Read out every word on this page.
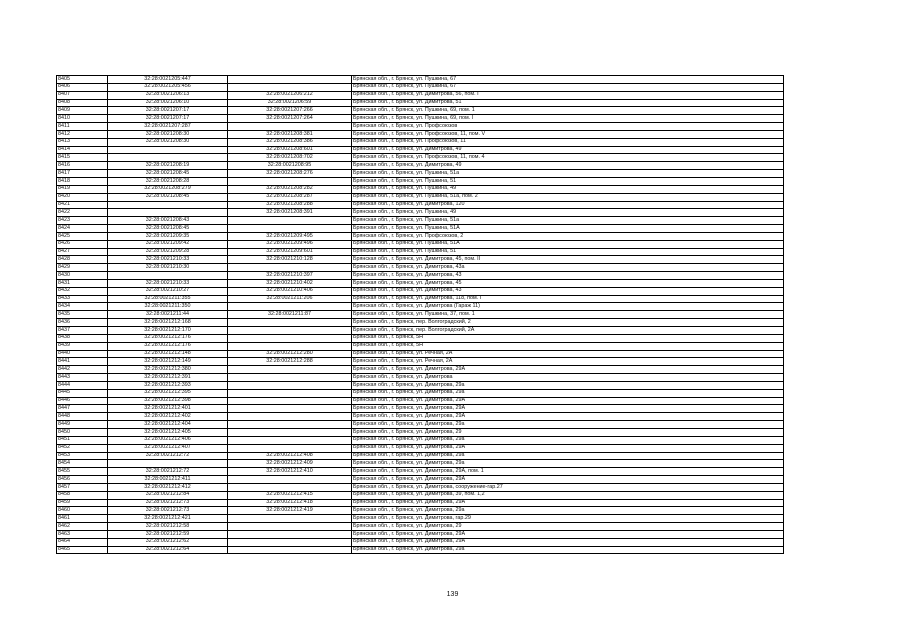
8405	32:28:0021205:447		Брянская обл., г. Брянск, ул. Пушкина, 67
8406	32:28:0021205:456		Брянская обл., г. Брянск, ул. Пушкина, 67
8407	32:28:0021206:13	32:28:0021206:212	Брянская обл., г. Брянск, ул. Димитрова, 56, пом. I
8408	32:28:0021206:10	32:28:0021206:59	Брянская обл., г. Брянск, ул. Димитрова, 51
8409	32:28:0021207:17	32:28:0021207:266	Брянская обл., г. Брянск, ул. Пушкина, 69, пом. 1
8410	32:28:0021207:17	32:28:0021207:264	Брянская обл., г. Брянск, ул. Пушкина, 69, пом. I
8411	32:28:0021207:287		Брянская обл., г. Брянск, ул. Профсоюзов
8412	32:28:0021208:30	32:28:0021208:381	Брянская обл., г. Брянск, ул. Профсоюзов, 11, пом. V
8413	32:28:0021208:30	32:28:0021208:386	Брянская обл., г. Брянск, ул. Профсоюзов, 11
8414		32:28:0021208:601	Брянская обл., г. Брянск, ул. Димитрова, 49
8415		32:28:0021208:702	Брянская обл., г. Брянск, ул. Профсоюзов, 11, пом. 4
8416	32:28:0021208:19	32:28:0021208:95	Брянская обл., г. Брянск, ул. Димитрова, 49
8417	32:28:0021208:45	32:28:0021208:276	Брянская обл., г. Брянск, ул. Пушкина, 51а
8418	32:28:0021208:28		Брянская обл., г. Брянск, ул. Пушкина, 51
8419	32:28:0021208:279	32:28:0021208:282	Брянская обл., г. Брянск, ул. Пушкина, 49
8420	32:28:0021208:45	32:28:0021208:287	Брянская обл., г. Брянск, ул. Пушкина, 51а, пом. 2
8421		32:28:0021208:288	Брянская обл., г. Брянск, ул. Димитрова, 120
8422		32:28:0021208:391	Брянская обл., г. Брянск, ул. Пушкина, 49
8423	32:28:0021208:43		Брянская обл., г. Брянск, ул. Пушкина, 51а
8424	32:28:0021208:45		Брянская обл., г. Брянск, ул. Пушкина, 51А
8425	32:28:0021209:35	32:28:0021209:495	Брянская обл., г. Брянск, ул. Профсоюзов, 2
8426	32:28:0021209:42	32:28:0021209:496	Брянская обл., г. Брянск, ул. Пушкина, 51А
8427	32:28:0021209:28	32:28:0021209:601	Брянская обл., г. Брянск, ул. Пушкина, 51
8428	32:28:0021210:33	32:28:0021210:128	Брянская обл., г. Брянск, ул. Димитрова, 45, пом. II
8429	32:28:0021210:30		Брянская обл., г. Брянск, ул. Димитрова, 43а
8430		32:28:0021210:397	Брянская обл., г. Брянск, ул. Димитрова, 43
8431	32:28:0021210:33	32:28:0021210:402	Брянская обл., г. Брянск, ул. Димитрова, 45
8432	32:28:0021210:27	32:28:0021210:406	Брянская обл., г. Брянск, ул. Димитрова, 43
8433	32:28:0021211:355	32:28:0021211:206	Брянская обл., г. Брянск, ул. Димитрова, 118, пом. I
8434	32:28:0021211:350		Брянская обл., г. Брянск, ул. Димитрова (Гараж 11)
8435	32:28:0021211:44	32:28:0021211:87	Брянская обл., г. Брянск, ул. Пушкина, 37, пом. 1
8436	32:28:0021212:168		Брянская обл., г. Брянск, пер. Волгоградский, 2
8437	32:28:0021212:170		Брянская обл., г. Брянск, пер. Волгоградский, 2А
8438	32:28:0021212:176		Брянская обл., г. Брянск, 5Н
8439	32:28:0021212:176		Брянская обл., г. Брянск, 5Н
8440	32:28:0021212:148	32:28:0021212:280	Брянская обл., г. Брянск, ул. Речная, 2А
8441	32:28:0021212:149	32:28:0021212:288	Брянская обл., г. Брянск, ул. Речная, 2А
8442	32:28:0021212:380		Брянская обл., г. Брянск, ул. Димитрова, 29А
8443	32:28:0021212:391		Брянская обл., г. Брянск, ул. Димитрова
8444	32:28:0021212:393		Брянская обл., г. Брянск, ул. Димитрова, 29а
8445	32:28:0021212:395		Брянская обл., г. Брянск, ул. Димитрова, 29а
8446	32:28:0021212:398		Брянская обл., г. Брянск, ул. Димитрова, 29А
8447	32:28:0021212:401		Брянская обл., г. Брянск, ул. Димитрова, 29А
8448	32:28:0021212:402		Брянская обл., г. Брянск, ул. Димитрова, 29А
8449	32:28:0021212:404		Брянская обл., г. Брянск, ул. Димитрова, 29а
8450	32:28:0021212:405		Брянская обл., г. Брянск, ул. Димитрова, 29
8451	32:28:0021212:406		Брянская обл., г. Брянск, ул. Димитрова, 29а
8452	32:28:0021212:407		Брянская обл., г. Брянск, ул. Димитрова, 29А
8453	32:28:0021212:72	32:28:0021212:408	Брянская обл., г. Брянск, ул. Димитрова, 29а
8454		32:28:0021212:409	Брянская обл., г. Брянск, ул. Димитрова, 29а
8455	32:28:0021212:72	32:28:0021212:410	Брянская обл., г. Брянск, ул. Димитрова, 29А, пом. 1
8456	32:28:0021212:411		Брянская обл., г. Брянск, ул. Димитрова, 29А
8457	32:28:0021212:412		Брянская обл., г. Брянск, ул. Димитрова, сооружение-гар.27
8458	32:28:0021212:84	32:28:0021212:415	Брянская обл., г. Брянск, ул. Димитрова, 39, пом. 1,2
8459	32:28:0021212:73	32:28:0021212:418	Брянская обл., г. Брянск, ул. Димитрова, 29А
8460	32:28:0021212:73	32:28:0021212:419	Брянская обл., г. Брянск, ул. Димитрова, 29а
8461	32:28:0021212:421		Брянская обл., г. Брянск, ул. Димитрова, гар.29
8462	32:28:0021212:58		Брянская обл., г. Брянск, ул. Димитрова, 29
8463	32:28:0021212:59		Брянская обл., г. Брянск, ул. Димитрова, 29А
8464	32:28:0021212:62		Брянская обл., г. Брянск, ул. Димитрова, 29А
8465	32:28:0021212:64		Брянская обл., г. Брянск, ул. Димитрова, 29а
139
